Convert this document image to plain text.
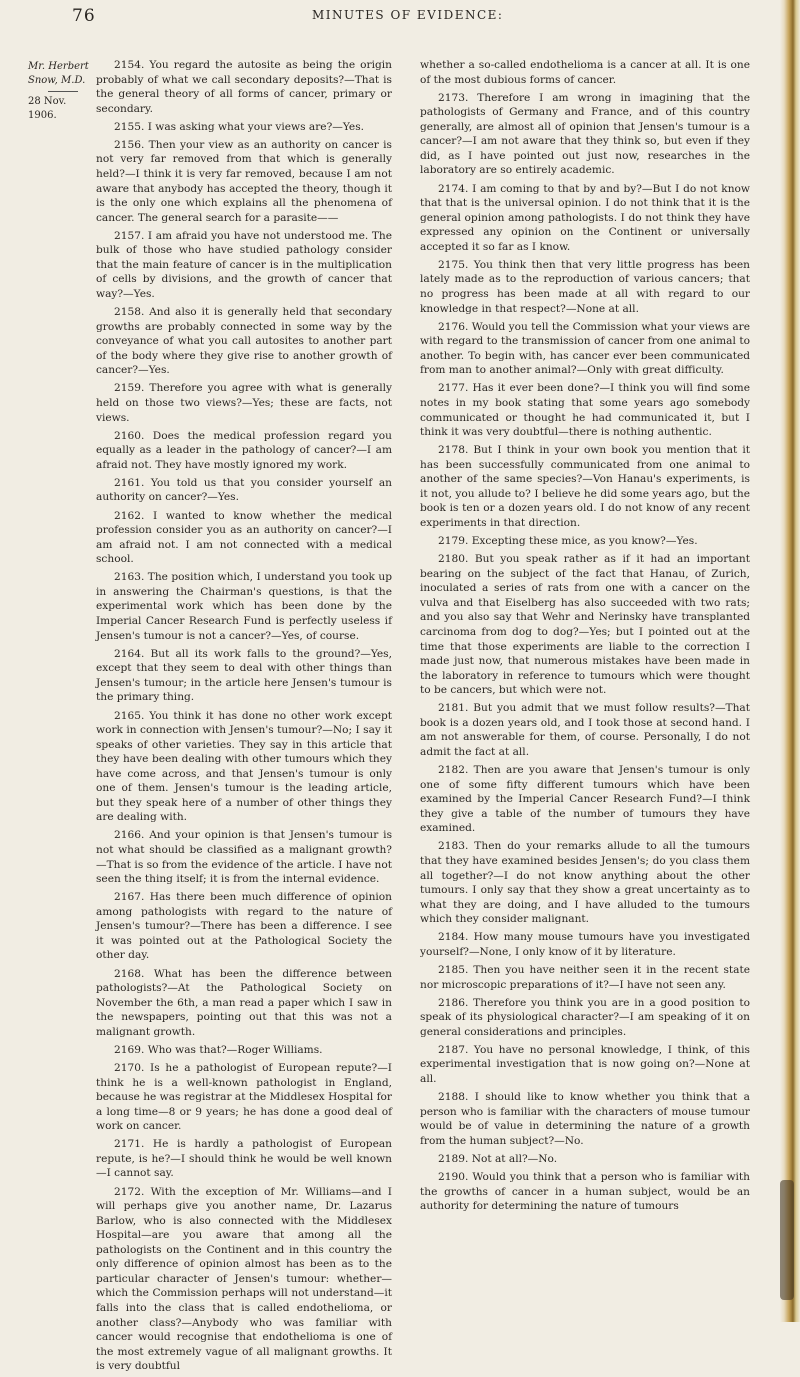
76	MINUTES OF EVIDENCE:
Mr. Herbert Snow, M.D.
28 Nov. 1906.

2154. You regard the autosite as being the origin probably of what we call secondary deposits?—That is the general theory of all forms of cancer, primary or secondary.

2155. I was asking what your views are?—Yes.

2156. Then your view as an authority on cancer is not very far removed from that which is generally held?—I think it is very far removed, because I am not aware that anybody has accepted the theory, though it is the only one which explains all the phenomena of cancer. The general search for a parasite——

2157. I am afraid you have not understood me. The bulk of those who have studied pathology consider that the main feature of cancer is in the multiplication of cells by divisions, and the growth of cancer that way?—Yes.

2158. And also it is generally held that secondary growths are probably connected in some way by the conveyance of what you call autosites to another part of the body where they give rise to another growth of cancer?—Yes.

2159. Therefore you agree with what is generally held on those two views?—Yes; these are facts, not views.

2160. Does the medical profession regard you equally as a leader in the pathology of cancer?—I am afraid not. They have mostly ignored my work.

2161. You told us that you consider yourself an authority on cancer?—Yes.

2162. I wanted to know whether the medical profession consider you as an authority on cancer?—I am afraid not. I am not connected with a medical school.

2163. The position which, I understand you took up in answering the Chairman's questions, is that the experimental work which has been done by the Imperial Cancer Research Fund is perfectly useless if Jensen's tumour is not a cancer?—Yes, of course.

2164. But all its work falls to the ground?—Yes, except that they seem to deal with other things than Jensen's tumour; in the article here Jensen's tumour is the primary thing.

2165. You think it has done no other work except work in connection with Jensen's tumour?—No; I say it speaks of other varieties. They say in this article that they have been dealing with other tumours which they have come across, and that Jensen's tumour is only one of them. Jensen's tumour is the leading article, but they speak here of a number of other things they are dealing with.

2166. And your opinion is that Jensen's tumour is not what should be classified as a malignant growth?—That is so from the evidence of the article. I have not seen the thing itself; it is from the internal evidence.

2167. Has there been much difference of opinion among pathologists with regard to the nature of Jensen's tumour?—There has been a difference. I see it was pointed out at the Pathological Society the other day.

2168. What has been the difference between pathologists?—At the Pathological Society on November the 6th, a man read a paper which I saw in the newspapers, pointing out that this was not a malignant growth.

2169. Who was that?—Roger Williams.

2170. Is he a pathologist of European repute?—I think he is a well-known pathologist in England, because he was registrar at the Middlesex Hospital for a long time—8 or 9 years; he has done a good deal of work on cancer.

2171. He is hardly a pathologist of European repute, is he?—I should think he would be well known—I cannot say.

2172. With the exception of Mr. Williams—and I will perhaps give you another name, Dr. Lazarus Barlow, who is also connected with the Middlesex Hospital—are you aware that among all the pathologists on the Continent and in this country the only difference of opinion almost has been as to the particular character of Jensen's tumour: whether—which the Commission perhaps will not understand—it falls into the class that is called endothelioma, or another class?—Anybody who was familiar with cancer would recognise that endothelioma is one of the most extremely vague of all malignant growths. It is very doubtful

whether a so-called endothelioma is a cancer at all. It is one of the most dubious forms of cancer.

2173. Therefore I am wrong in imagining that the pathologists of Germany and France, and of this country generally, are almost all of opinion that Jensen's tumour is a cancer?—I am not aware that they think so, but even if they did, as I have pointed out just now, researches in the laboratory are so entirely academic.

2174. I am coming to that by and by?—But I do not know that that is the universal opinion. I do not think that it is the general opinion among pathologists. I do not think they have expressed any opinion on the Continent or universally accepted it so far as I know.

2175. You think then that very little progress has been lately made as to the reproduction of various cancers; that no progress has been made at all with regard to our knowledge in that respect?—None at all.

2176. Would you tell the Commission what your views are with regard to the transmission of cancer from one animal to another. To begin with, has cancer ever been communicated from man to another animal?—Only with great difficulty.

2177. Has it ever been done?—I think you will find some notes in my book stating that some years ago somebody communicated or thought he had communicated it, but I think it was very doubtful—there is nothing authentic.

2178. But I think in your own book you mention that it has been successfully communicated from one animal to another of the same species?—Von Hanau's experiments, is it not, you allude to? I believe he did some years ago, but the book is ten or a dozen years old. I do not know of any recent experiments in that direction.

2179. Excepting these mice, as you know?—Yes.

2180. But you speak rather as if it had an important bearing on the subject of the fact that Hanau, of Zurich, inoculated a series of rats from one with a cancer on the vulva and that Eiselberg has also succeeded with two rats; and you also say that Wehr and Nerinsky have transplanted carcinoma from dog to dog?—Yes; but I pointed out at the time that those experiments are liable to the correction I made just now, that numerous mistakes have been made in the laboratory in reference to tumours which were thought to be cancers, but which were not.

2181. But you admit that we must follow results?—That book is a dozen years old, and I took those at second hand. I am not answerable for them, of course. Personally, I do not admit the fact at all.

2182. Then are you aware that Jensen's tumour is only one of some fifty different tumours which have been examined by the Imperial Cancer Research Fund?—I think they give a table of the number of tumours they have examined.

2183. Then do your remarks allude to all the tumours that they have examined besides Jensen's; do you class them all together?—I do not know anything about the other tumours. I only say that they show a great uncertainty as to what they are doing, and I have alluded to the tumours which they consider malignant.

2184. How many mouse tumours have you investigated yourself?—None, I only know of it by literature.

2185. Then you have neither seen it in the recent state nor microscopic preparations of it?—I have not seen any.

2186. Therefore you think you are in a good position to speak of its physiological character?—I am speaking of it on general considerations and principles.

2187. You have no personal knowledge, I think, of this experimental investigation that is now going on?—None at all.

2188. I should like to know whether you think that a person who is familiar with the characters of mouse tumour would be of value in determining the nature of a growth from the human subject?—No.

2189. Not at all?—No.

2190. Would you think that a person who is familiar with the growths of cancer in a human subject, would be an authority for determining the nature of tumours
